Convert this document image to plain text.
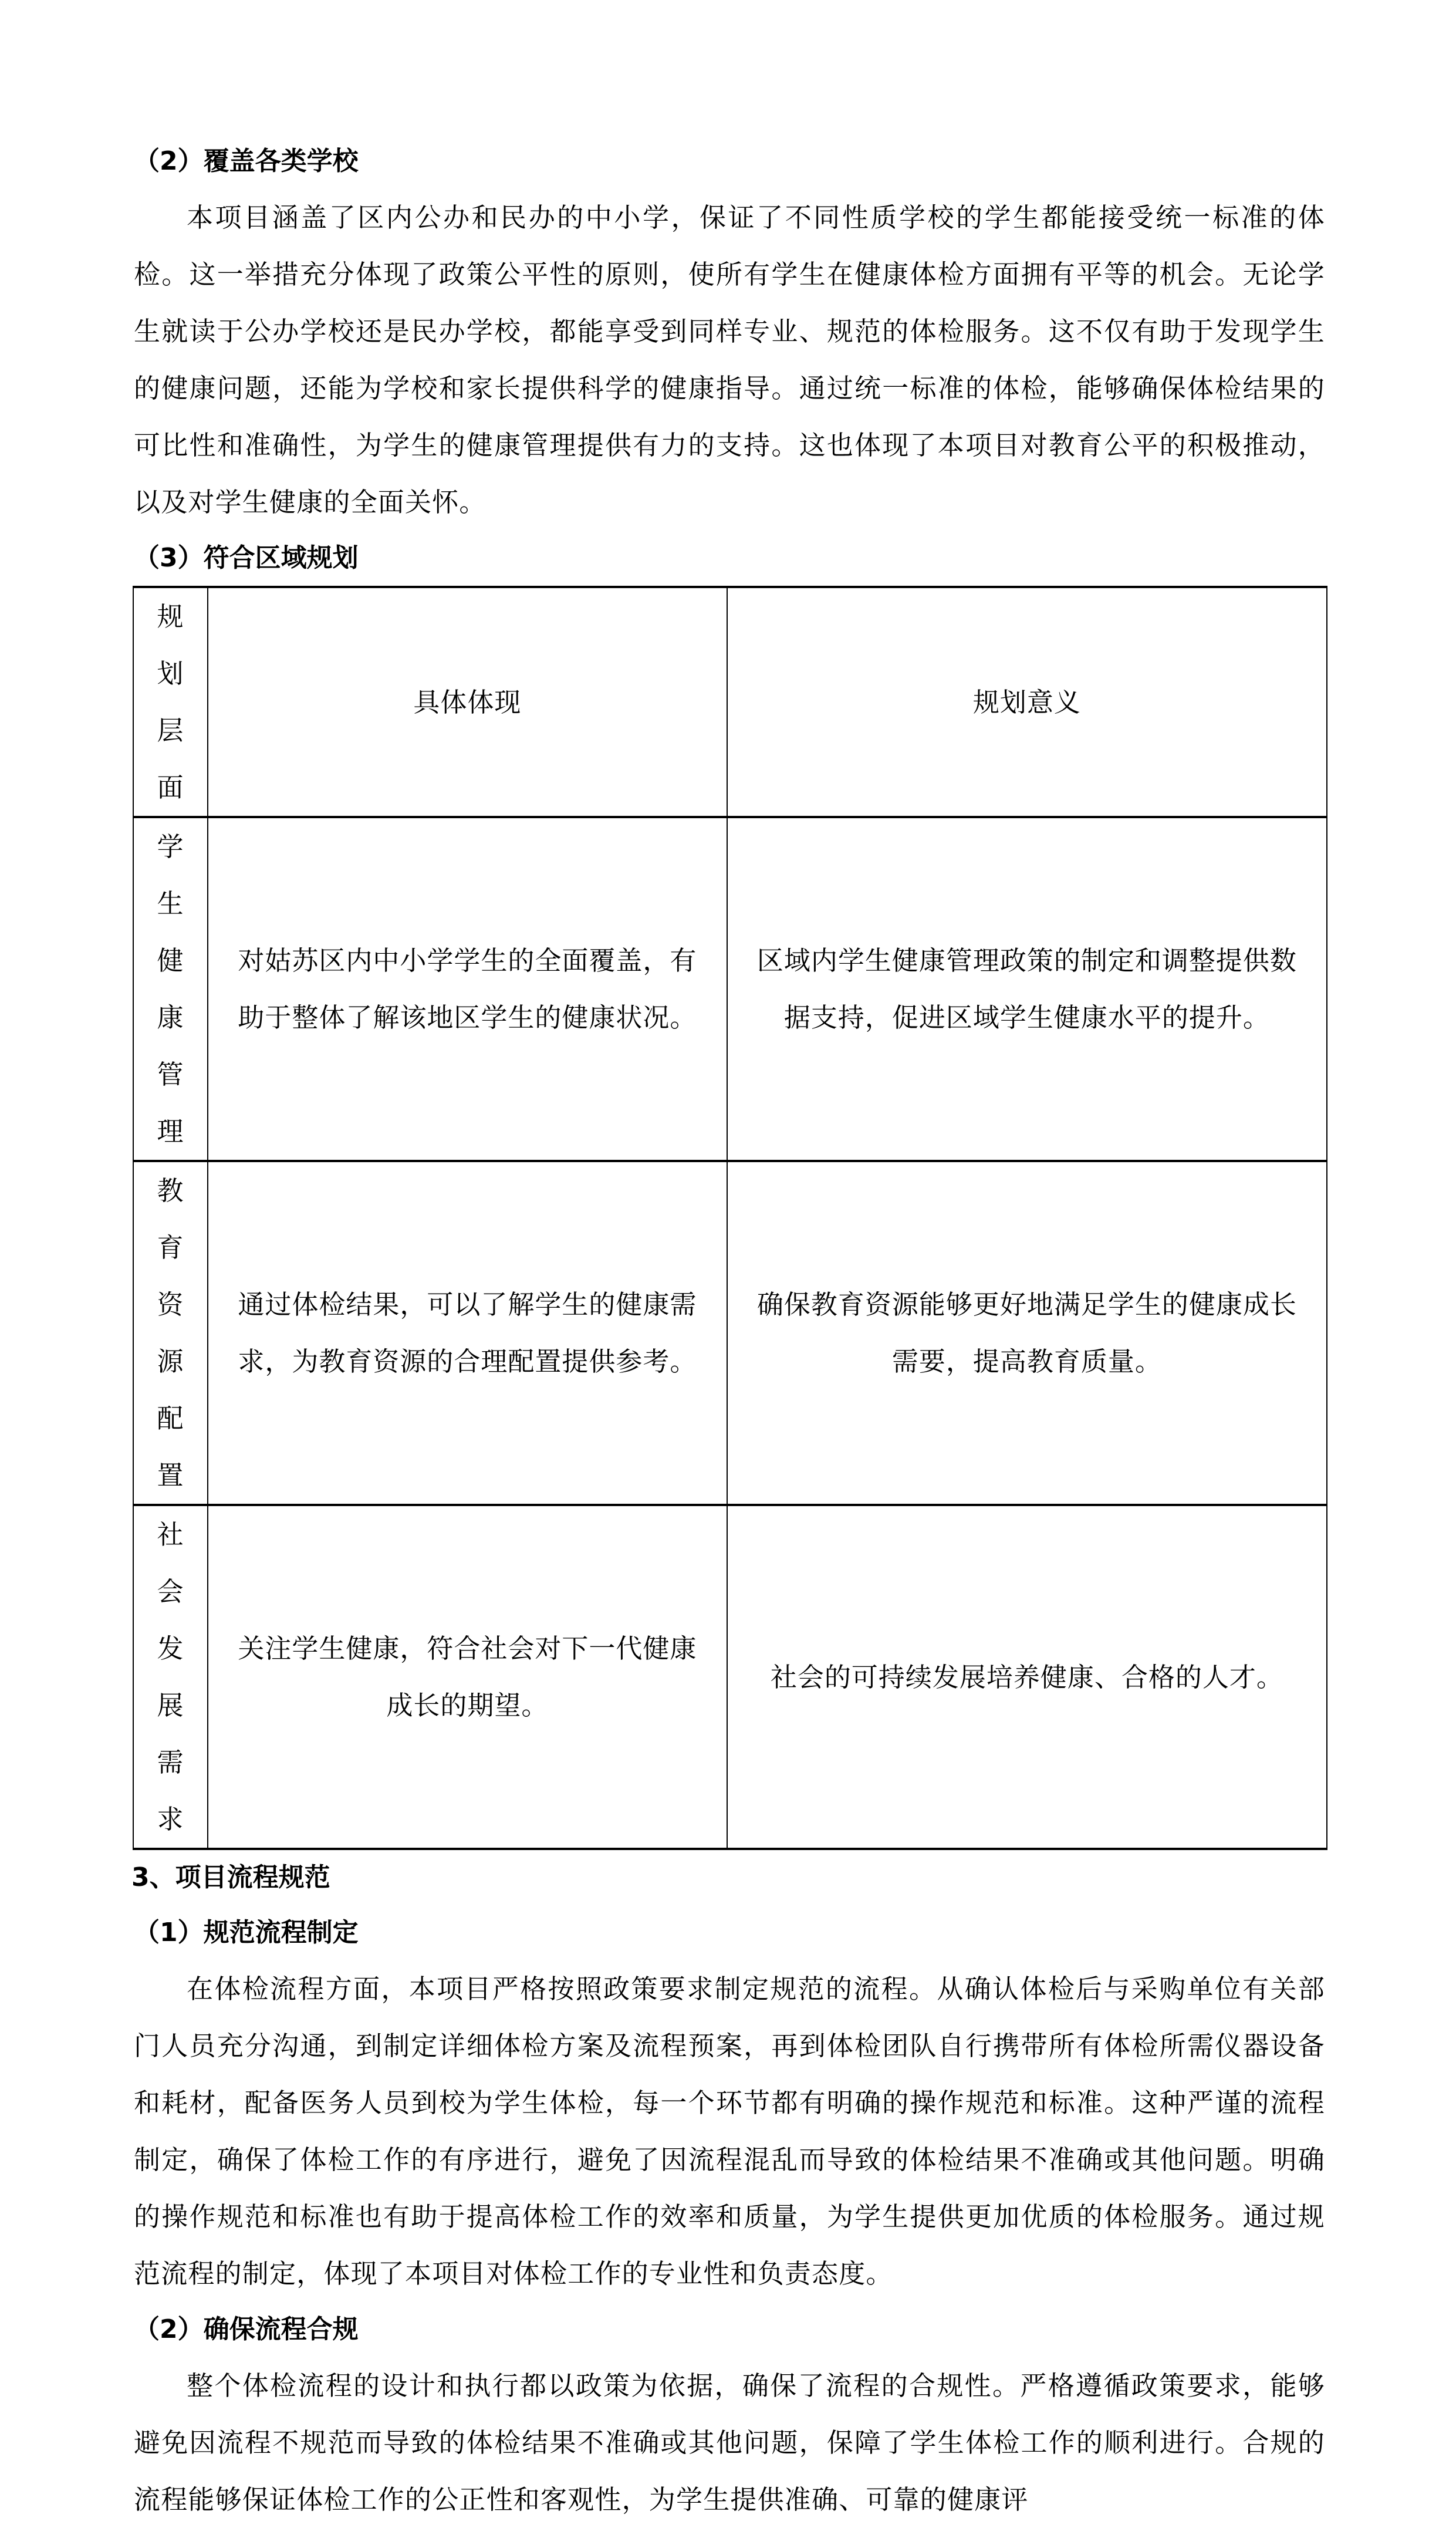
（2）覆盖各类学校

本项目涵盖了区内公办和民办的中小学，保证了不同性质学校的学生都能接受统一标准的体检。这一举措充分体现了政策公平性的原则，使所有学生在健康体检方面拥有平等的机会。无论学生就读于公办学校还是民办学校，都能享受到同样专业、规范的体检服务。这不仅有助于发现学生的健康问题，还能为学校和家长提供科学的健康指导。通过统一标准的体检，能够确保体检结果的可比性和准确性，为学生的健康管理提供有力的支持。这也体现了本项目对教育公平的积极推动，以及对学生健康的全面关怀。

（3）符合区域规划
规划层面	具体体现	规划意义
学生健康管理	对姑苏区内中小学学生的全面覆盖，有助于整体了解该地区学生的健康状况。	区域内学生健康管理政策的制定和调整提供数据支持，促进区域学生健康水平的提升。
教育资源配置	通过体检结果，可以了解学生的健康需求，为教育资源的合理配置提供参考。	确保教育资源能够更好地满足学生的健康成长需要，提高教育质量。
社会发展需求	关注学生健康，符合社会对下一代健康成长的期望。	社会的可持续发展培养健康、合格的人才。
3、项目流程规范
（1）规范流程制定

在体检流程方面，本项目严格按照政策要求制定规范的流程。从确认体检后与采购单位有关部门人员充分沟通，到制定详细体检方案及流程预案，再到体检团队自行携带所有体检所需仪器设备和耗材，配备医务人员到校为学生体检，每一个环节都有明确的操作规范和标准。这种严谨的流程制定，确保了体检工作的有序进行，避免了因流程混乱而导致的体检结果不准确或其他问题。明确的操作规范和标准也有助于提高体检工作的效率和质量，为学生提供更加优质的体检服务。通过规范流程的制定，体现了本项目对体检工作的专业性和负责态度。

（2）确保流程合规

整个体检流程的设计和执行都以政策为依据，确保了流程的合规性。严格遵循政策要求，能够避免因流程不规范而导致的体检结果不准确或其他问题，保障了学生体检工作的顺利进行。合规的流程能够保证体检工作的公正性和客观性，为学生提供准确、可靠的健康评
